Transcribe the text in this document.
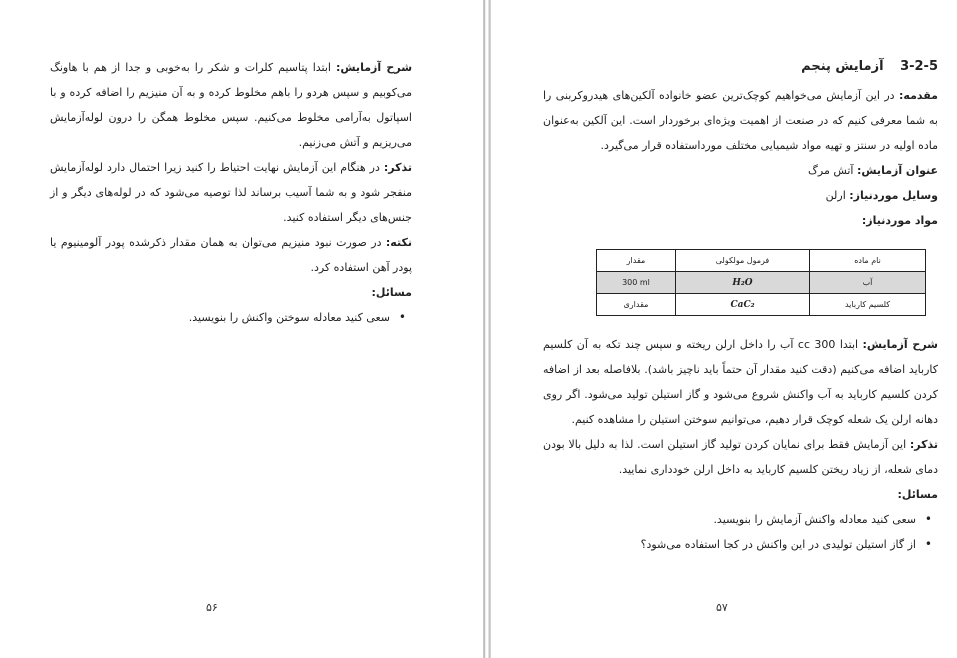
شرح آزمایش: ابتدا پتاسیم کلرات و شکر را به‌خوبی و جدا از هم با هاونگ می‌کوبیم و سپس هردو را باهم مخلوط کرده و به آن منیزیم را اضافه کرده و با اسپاتول به‌آرامی مخلوط می‌کنیم. سپس مخلوط همگن را درون لوله‌آزمایش می‌ریزیم و آتش می‌زنیم.

تذکر: در هنگام این آزمایش نهایت احتیاط را کنید زیرا احتمال دارد لوله‌آزمایش منفجر شود و به شما آسیب برساند لذا توصیه می‌شود که در لوله‌های دیگر و از جنس‌های دیگر استفاده کنید.

نکته: در صورت نبود منیزیم می‌توان به همان مقدار ذکرشده پودر آلومینیوم یا پودر آهن استفاده کرد.

مسائل:

• سعی کنید معادله سوختن واکنش را بنویسید.
۵۶

3-2-5 آزمایش پنجم

مقدمه: در این آزمایش می‌خواهیم کوچک‌ترین عضو خانواده آلکین‌های هیدروکربنی را به شما معرفی کنیم که در صنعت از اهمیت ویژه‌ای برخوردار است. این آلکین به‌عنوان ماده اولیه در سنتز و تهیه مواد شیمیایی مختلف مورداستفاده قرار می‌گیرد.

عنوان آزمایش: آتش مرگ

وسایل موردنیاز: ارلن

مواد موردنیاز:

نام ماده	فرمول مولکولی	مقدار
آب	H₂O	300 ml
کلسیم کارباید	CaC₂	مقداری

شرح آزمایش: ابتدا 300 cc آب را داخل ارلن ریخته و سپس چند تکه به آن کلسیم کارباید اضافه می‌کنیم (دقت کنید مقدار آن حتماً باید ناچیز باشد). بلافاصله بعد از اضافه کردن کلسیم کارباید به آب واکنش شروع می‌شود و گاز استیلن تولید می‌شود. اگر روی دهانه ارلن یک شعله کوچک قرار دهیم، می‌توانیم سوختن استیلن را مشاهده کنیم.

تذکر: این آزمایش فقط برای نمایان کردن تولید گاز استیلن است. لذا به دلیل بالا بودن دمای شعله، از زیاد ریختن کلسیم کارباید به داخل ارلن خودداری نمایید.

مسائل:

• سعی کنید معادله واکنش آزمایش را بنویسید.
• از گاز استیلن تولیدی در این واکنش در کجا استفاده می‌شود؟
۵۷
